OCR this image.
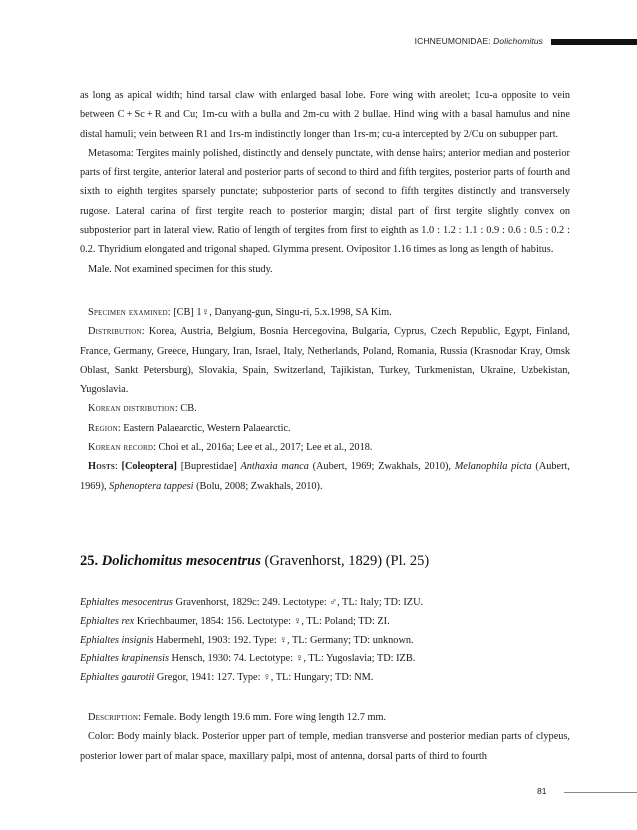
ICHNEUMONIDAE: Dolichomitus

as long as apical width; hind tarsal claw with enlarged basal lobe. Fore wing with areolet; 1cu-a opposite to vein between C + Sc + R and Cu; 1m-cu with a bulla and 2m-cu with 2 bullae. Hind wing with a basal hamulus and nine distal hamuli; vein between R1 and 1rs-m indistinctly longer than 1rs-m; cu-a intercepted by 2/Cu on subupper part.

Metasoma: Tergites mainly polished, distinctly and densely punctate, with dense hairs; anterior median and posterior parts of first tergite, anterior lateral and posterior parts of second to third and fifth tergites, posterior parts of fourth and sixth to eighth tergites sparsely punctate; subposterior parts of second to fifth tergites distinctly and transversely rugose. Lateral carina of first tergite reach to posterior margin; distal part of first tergite slightly convex on subposterior part in lateral view. Ratio of length of tergites from first to eighth as 1.0 : 1.2 : 1.1 : 0.9 : 0.6 : 0.5 : 0.2 : 0.2. Thyridium elongated and trigonal shaped. Glymma present. Ovipositor 1.16 times as long as length of habitus.

Male. Not examined specimen for this study.

Specimen examined: [CB] 1♀, Danyang-gun, Singu-ri, 5.x.1998, SA Kim.

Distribution: Korea, Austria, Belgium, Bosnia Hercegovina, Bulgaria, Cyprus, Czech Republic, Egypt, Finland, France, Germany, Greece, Hungary, Iran, Israel, Italy, Netherlands, Poland, Romania, Russia (Krasnodar Kray, Omsk Oblast, Sankt Petersburg), Slovakia, Spain, Switzerland, Tajikistan, Turkey, Turkmenistan, Ukraine, Uzbekistan, Yugoslavia.

Korean distribution: CB.

Region: Eastern Palaearctic, Western Palaearctic.

Korean record: Choi et al., 2016a; Lee et al., 2017; Lee et al., 2018.

Hosts: [Coleoptera] [Buprestidae] Anthaxia manca (Aubert, 1969; Zwakhals, 2010), Melanophila picta (Aubert, 1969), Sphenoptera tappesi (Bolu, 2008; Zwakhals, 2010).

25. Dolichomitus mesocentrus (Gravenhorst, 1829) (Pl. 25)
Ephialtes mesocentrus Gravenhorst, 1829c: 249. Lectotype: ♂, TL: Italy; TD: IZU.
Ephialtes rex Kriechbaumer, 1854: 156. Lectotype: ♀, TL: Poland; TD: ZI.
Ephialtes insignis Habermehl, 1903: 192. Type: ♀, TL: Germany; TD: unknown.
Ephialtes krapinensis Hensch, 1930: 74. Lectotype: ♀, TL: Yugoslavia; TD: IZB.
Ephialtes gaurotii Gregor, 1941: 127. Type: ♀, TL: Hungary; TD: NM.

Description: Female. Body length 19.6 mm. Fore wing length 12.7 mm.

Color: Body mainly black. Posterior upper part of temple, median transverse and posterior median parts of clypeus, posterior lower part of malar space, maxillary palpi, most of antenna, dorsal parts of third to fourth

81
